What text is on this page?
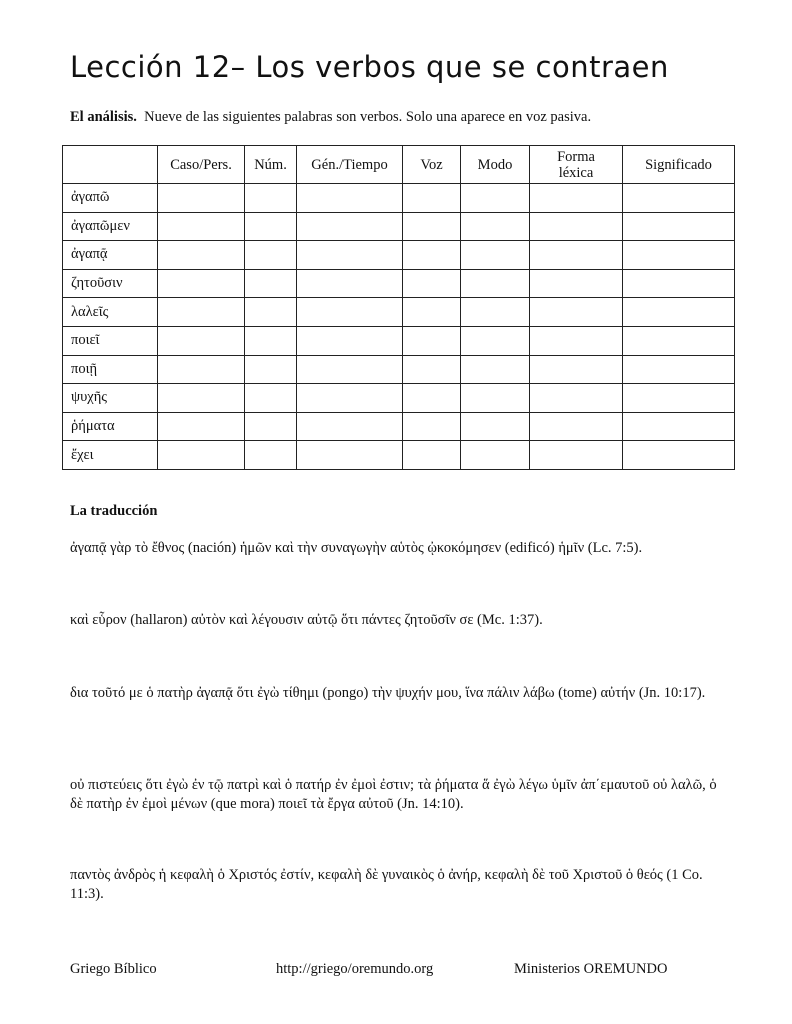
Lección 12– Los verbos que se contraen

El análisis. Nueve de las siguientes palabras son verbos. Solo una aparece en voz pasiva.

	Caso/Pers.	Núm.	Gén./Tiempo	Voz	Modo	Forma léxica	Significado
ἀγαπῶ							
ἀγαπῶμεν							
ἀγαπᾷ							
ζητοῦσιν							
λαλεῖς							
ποιεῖ							
ποιῇ							
ψυχῆς							
ῥήματα							
ἔχει							
La traducción

ἀγαπᾷ γὰρ τὸ ἔθνος (nación) ἡμῶν καὶ τὴν συναγωγὴν αὑτὸς ᾠκοκόμησεν (edificó) ἡμῖν (Lc. 7:5).

καὶ εὗρον (hallaron) αὐτὸν καὶ λέγουσιν αὐτῷ ὅτι πάντες ζητοῦσῖν σε (Mc. 1:37).

δια τοῦτό με ὁ πατὴρ ἀγαπᾷ ὅτι ἐγὼ τίθημι (pongo) τὴν ψυχήν μου, ἵνα πάλιν λάβω (tome) αὐτήν (Jn. 10:17).

οὐ πιστεύεις ὅτι ἐγὼ ἐν τῷ πατρὶ καὶ ὁ πατήρ ἐν ἐμοὶ ἐστιν; τὰ ῥήματα ἅ ἐγὼ λέγω ὑμῖν ἀπ΄εμαυτοῦ οὐ λαλῶ, ὁ δὲ πατὴρ ἐν ἐμοὶ μένων (que mora) ποιεῖ τὰ ἔργα αὐτοῦ (Jn. 14:10).

παντὸς ἀνδρὸς ἡ κεφαλὴ ὁ Χριστός ἐστίν, κεφαλὴ δὲ γυναικὸς ὁ ἀνήρ, κεφαλὴ δὲ τοῦ Χριστοῦ ὁ θεός (1 Co. 11:3).

Griego Bíblico	http://griego/oremundo.org	Ministerios OREMUNDO
